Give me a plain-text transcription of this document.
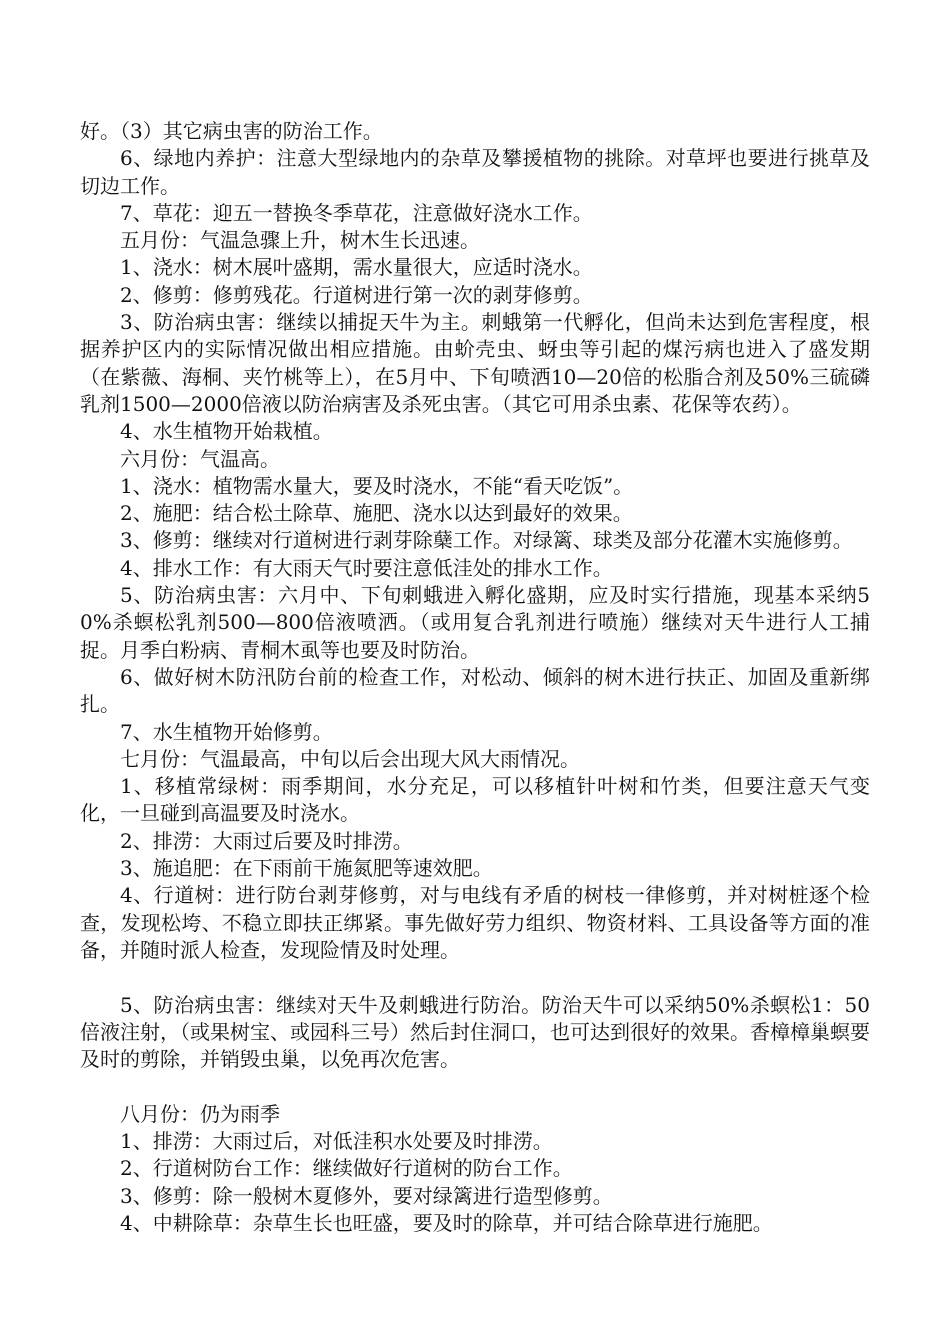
好。（3）其它病虫害的防治工作。

6、绿地内养护：注意大型绿地内的杂草及攀援植物的挑除。对草坪也要进行挑草及切边工作。

7、草花：迎五一替换冬季草花，注意做好浇水工作。

五月份：气温急骤上升，树木生长迅速。

1、浇水：树木展叶盛期，需水量很大，应适时浇水。

2、修剪：修剪残花。行道树进行第一次的剥芽修剪。

3、防治病虫害：继续以捕捉天牛为主。刺蛾第一代孵化，但尚未达到危害程度，根据养护区内的实际情况做出相应措施。由蚧壳虫、蚜虫等引起的煤污病也进入了盛发期（在紫薇、海桐、夹竹桃等上），在5月中、下旬喷洒10—20倍的松脂合剂及50%三硫磷乳剂1500—2000倍液以防治病害及杀死虫害。（其它可用杀虫素、花保等农药）。

4、水生植物开始栽植。

六月份：气温高。

1、浇水：植物需水量大，要及时浇水，不能“看天吃饭”。

2、施肥：结合松土除草、施肥、浇水以达到最好的效果。

3、修剪：继续对行道树进行剥芽除蘖工作。对绿篱、球类及部分花灌木实施修剪。

4、排水工作：有大雨天气时要注意低洼处的排水工作。

5、防治病虫害：六月中、下旬刺蛾进入孵化盛期，应及时实行措施，现基本采纳50%杀螟松乳剂500—800倍液喷洒。（或用复合乳剂进行喷施）继续对天牛进行人工捕捉。月季白粉病、青桐木虱等也要及时防治。

6、做好树木防汛防台前的检查工作，对松动、倾斜的树木进行扶正、加固及重新绑扎。

7、水生植物开始修剪。

七月份：气温最高，中旬以后会出现大风大雨情况。

1、移植常绿树：雨季期间，水分充足，可以移植针叶树和竹类，但要注意天气变化，一旦碰到高温要及时浇水。

2、排涝：大雨过后要及时排涝。

3、施追肥：在下雨前干施氮肥等速效肥。

4、行道树：进行防台剥芽修剪，对与电线有矛盾的树枝一律修剪，并对树桩逐个检查，发现松垮、不稳立即扶正绑紧。事先做好劳力组织、物资材料、工具设备等方面的准备，并随时派人检查，发现险情及时处理。

5、防治病虫害：继续对天牛及刺蛾进行防治。防治天牛可以采纳50%杀螟松1：50倍液注射，（或果树宝、或园科三号）然后封住洞口，也可达到很好的效果。香樟樟巢螟要及时的剪除，并销毁虫巢，以免再次危害。

八月份：仍为雨季

1、排涝：大雨过后，对低洼积水处要及时排涝。

2、行道树防台工作：继续做好行道树的防台工作。

3、修剪：除一般树木夏修外，要对绿篱进行造型修剪。

4、中耕除草：杂草生长也旺盛，要及时的除草，并可结合除草进行施肥。
